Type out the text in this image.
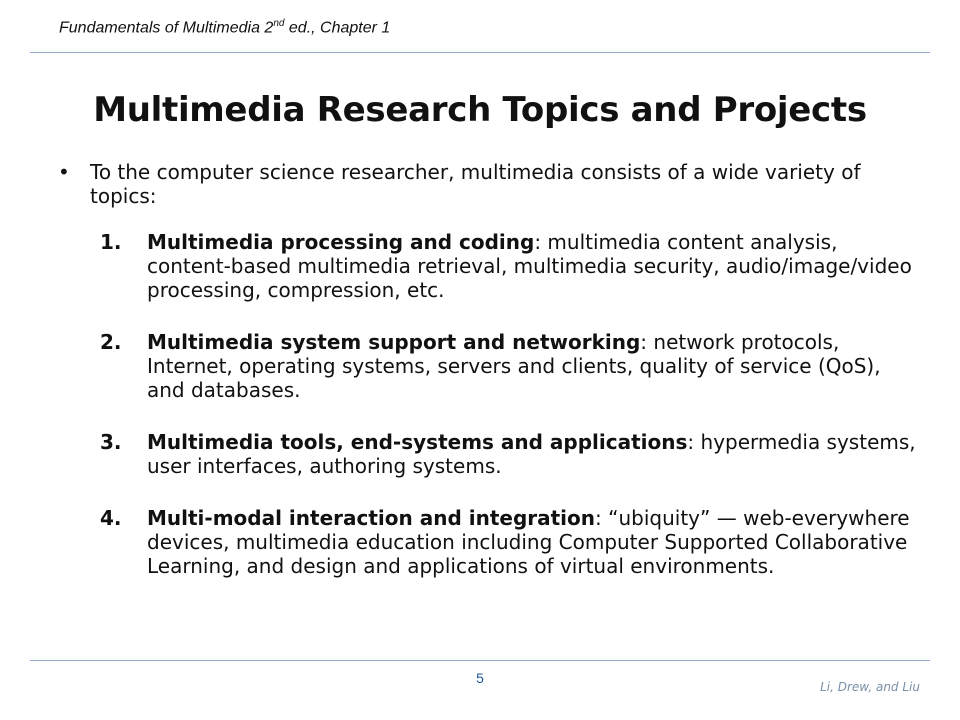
Fundamentals of Multimedia 2nd ed., Chapter 1
Multimedia Research Topics and Projects
• To the computer science researcher, multimedia consists of a wide variety of topics:
1. Multimedia processing and coding: multimedia content analysis, content-based multimedia retrieval, multimedia security, audio/image/video processing, compression, etc.
2. Multimedia system support and networking: network protocols, Internet, operating systems, servers and clients, quality of service (QoS), and databases.
3. Multimedia tools, end-systems and applications: hypermedia systems, user interfaces, authoring systems.
4. Multi-modal interaction and integration: “ubiquity” — web-everywhere devices, multimedia education including Computer Supported Collaborative Learning, and design and applications of virtual environments.
5
Li, Drew, and Liu
